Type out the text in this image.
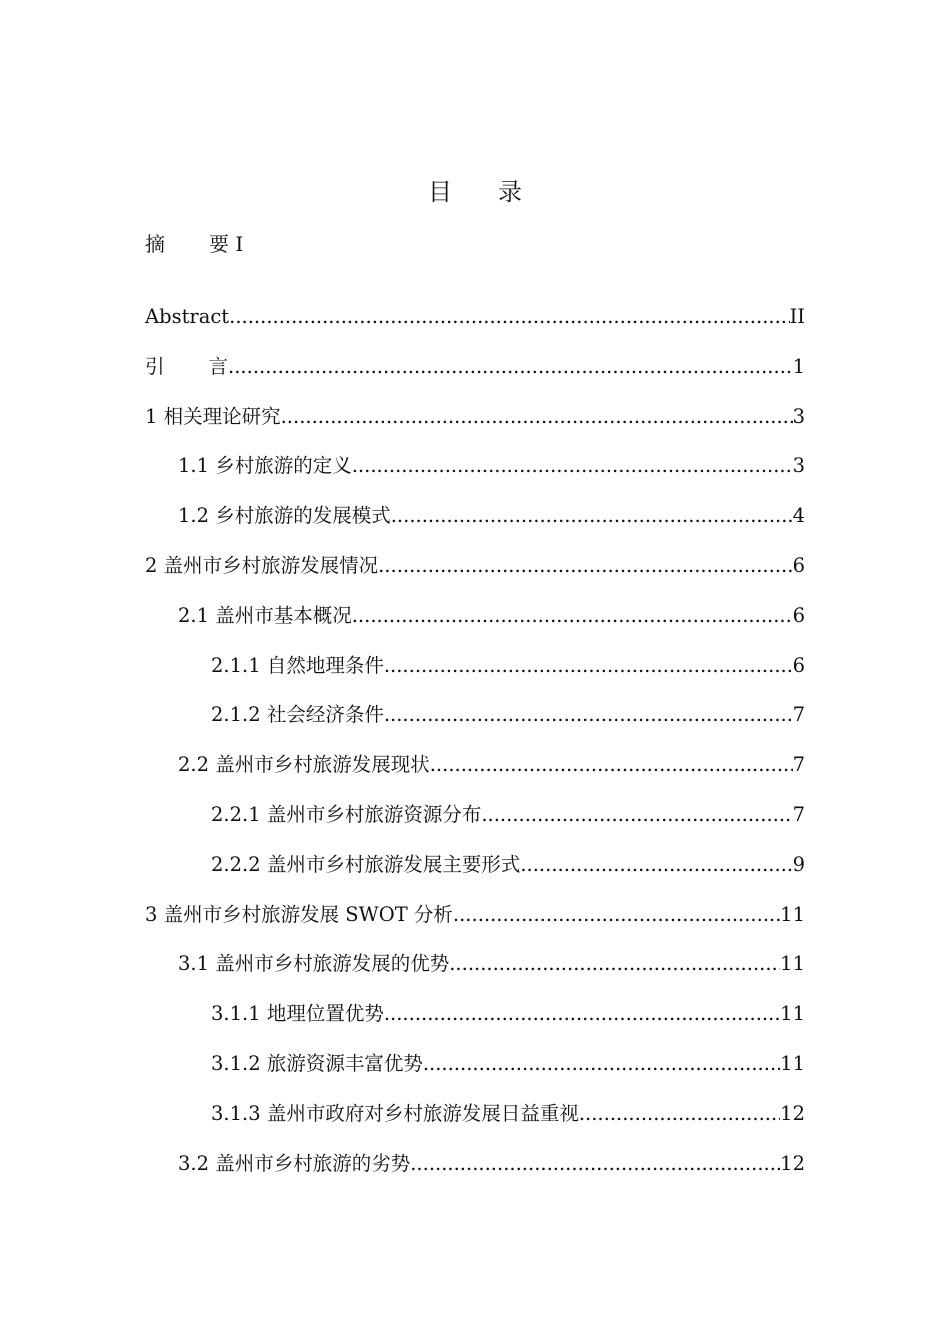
目 录
摘 要 I
Abstract .....	II
引 言 .....	1
1 相关理论研究 .....	3
1.1 乡村旅游的定义 .....	3
1.2 乡村旅游的发展模式 .....	4
2 盖州市乡村旅游发展情况 .....	6
2.1 盖州市基本概况 .....	6
2.1.1 自然地理条件 .....	6
2.1.2 社会经济条件 .....	7
2.2 盖州市乡村旅游发展现状 .....	7
2.2.1 盖州市乡村旅游资源分布 .....	7
2.2.2 盖州市乡村旅游发展主要形式 .....	9
3 盖州市乡村旅游发展 SWOT 分析 .....	11
3.1 盖州市乡村旅游发展的优势 .....	11
3.1.1 地理位置优势 .....	11
3.1.2 旅游资源丰富优势 .....	11
3.1.3 盖州市政府对乡村旅游发展日益重视 .....	12
3.2 盖州市乡村旅游的劣势 .....	12
